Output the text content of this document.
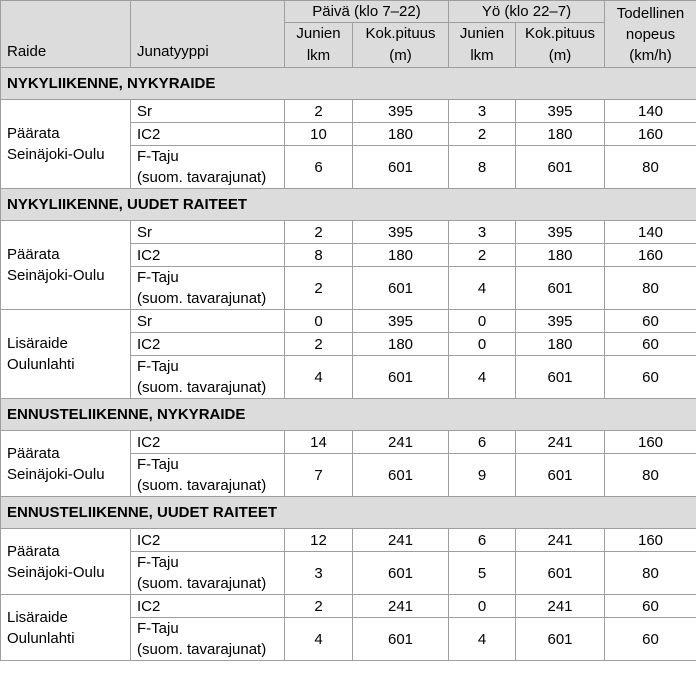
Raide	Junatyyppi	Päivä (klo 7–22)		Yö (klo 22–7)		Todellinen
nopeus
(km/h)
		Junien
lkm	Kok.pituus
(m)	Junien
lkm	Kok.pituus
(m)	
NYKYLIIKENNE, NYKYRAIDE						
Päärata
Seinäjoki-Oulu	Sr	2	395	3	395	140
	IC2	10	180	2	180	160
	F-Taju
(suom. tavarajunat)	6	601	8	601	80
NYKYLIIKENNE, UUDET RAITEET						
Päärata
Seinäjoki-Oulu	Sr	2	395	3	395	140
	IC2	8	180	2	180	160
	F-Taju
(suom. tavarajunat)	2	601	4	601	80
Lisäraide
Oulunlahti	Sr	0	395	0	395	60
	IC2	2	180	0	180	60
	F-Taju
(suom. tavarajunat)	4	601	4	601	60
ENNUSTELIIKENNE, NYKYRAIDE						
Päärata
Seinäjoki-Oulu	IC2	14	241	6	241	160
	F-Taju
(suom. tavarajunat)	7	601	9	601	80
ENNUSTELIIKENNE, UUDET RAITEET						
Päärata
Seinäjoki-Oulu	IC2	12	241	6	241	160
	F-Taju
(suom. tavarajunat)	3	601	5	601	80
Lisäraide
Oulunlahti	IC2	2	241	0	241	60
	F-Taju
(suom. tavarajunat)	4	601	4	601	60
